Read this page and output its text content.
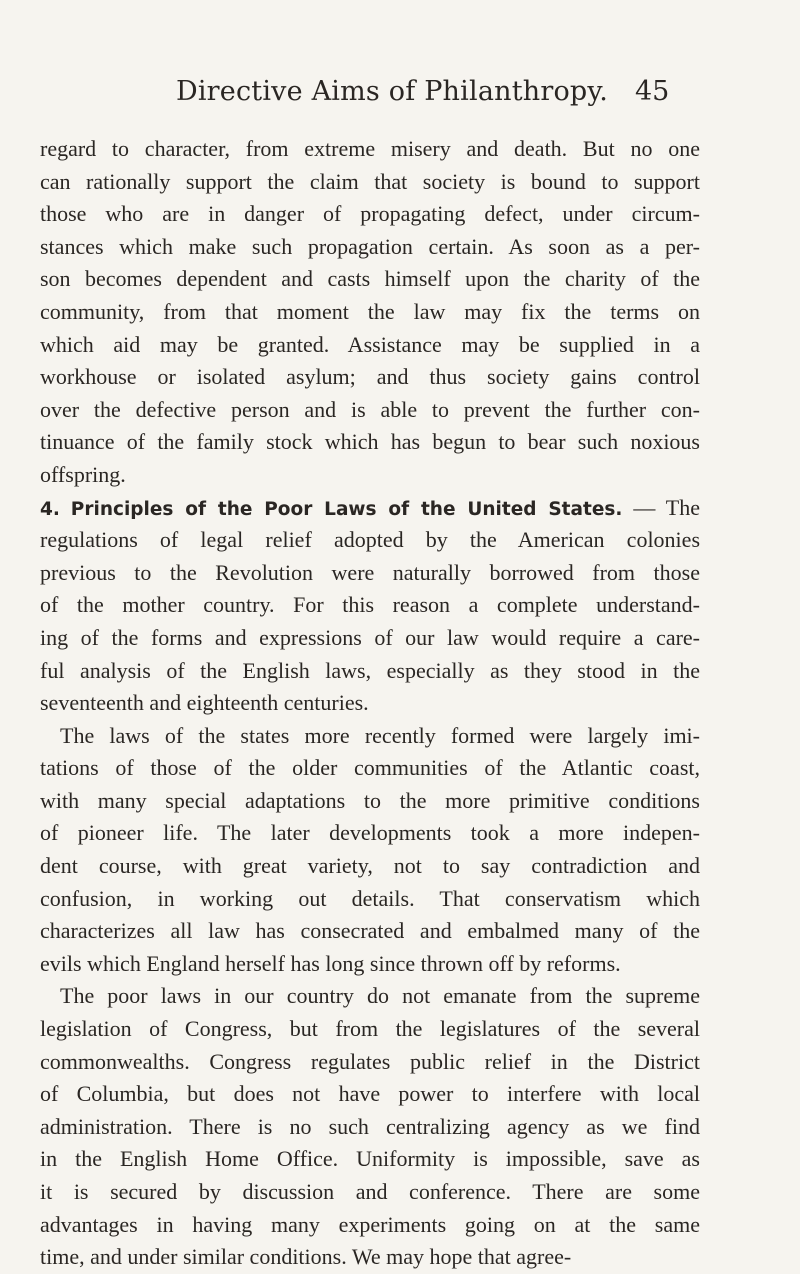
Directive Aims of Philanthropy. 45
regard to character, from extreme misery and death. But no one
can rationally support the claim that society is bound to support
those who are in danger of propagating defect, under circum-
stances which make such propagation certain. As soon as a per-
son becomes dependent and casts himself upon the charity of the
community, from that moment the law may fix the terms on
which aid may be granted. Assistance may be supplied in a
workhouse or isolated asylum; and thus society gains control
over the defective person and is able to prevent the further con-
tinuance of the family stock which has begun to bear such noxious
offspring.
4. Principles of the Poor Laws of the United States. — The
regulations of legal relief adopted by the American colonies
previous to the Revolution were naturally borrowed from those
of the mother country. For this reason a complete understand-
ing of the forms and expressions of our law would require a care-
ful analysis of the English laws, especially as they stood in the
seventeenth and eighteenth centuries.
The laws of the states more recently formed were largely imi-
tations of those of the older communities of the Atlantic coast,
with many special adaptations to the more primitive conditions
of pioneer life. The later developments took a more indepen-
dent course, with great variety, not to say contradiction and
confusion, in working out details. That conservatism which
characterizes all law has consecrated and embalmed many of the
evils which England herself has long since thrown off by reforms.
The poor laws in our country do not emanate from the supreme
legislation of Congress, but from the legislatures of the several
commonwealths. Congress regulates public relief in the District
of Columbia, but does not have power to interfere with local
administration. There is no such centralizing agency as we find
in the English Home Office. Uniformity is impossible, save as
it is secured by discussion and conference. There are some
advantages in having many experiments going on at the same
time, and under similar conditions. We may hope that agree-
